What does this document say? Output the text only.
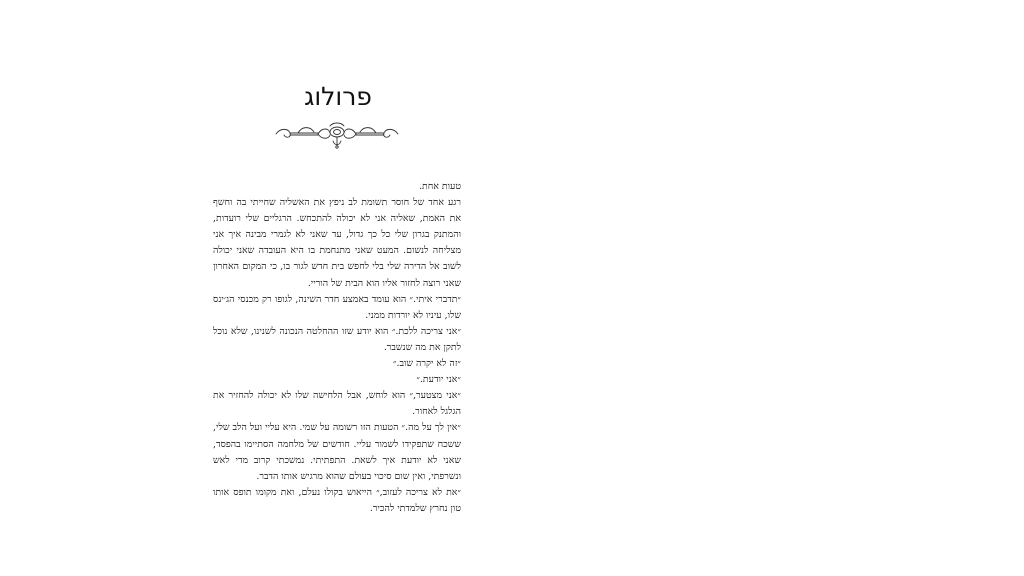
פרולוג

טעות אחת.

רגע אחד של חוסר תשומת לב ניפץ את האשליה שחייתי בה וחשף את האמת, שאליה אני לא יכולה להתכחש. הרגליים שלי רועדות, והמתנק בגרון שלי כל כך גדול, עד שאני לא לגמרי מבינה איך אני מצליחה לנשום. המעט שאני מתנחמת בו היא העובדה שאני יכולה לשוב אל הדירה שלי בלי לחפש בית חדש לגור בו, כי המקום האחרון שאני רוצה לחזור אליו הוא הבית של הוריי.

״תדברי איתי.״ הוא עומד באמצע חדר השינה, לגופו רק מכנסי הג׳ינס שלו, עיניו לא יורדות ממני.

״אני צריכה ללכת.״ הוא יודע שזו ההחלטה הנכונה לשנינו, שלא נוכל לתקן את מה שנשבר.

״זה לא יקרה שוב.״

״אני יודעת.״

״אני מצטער,״ הוא לוחש, אבל הלחישה שלו לא יכולה להחזיר את הגלגל לאחור.

״אין לך על מה.״ הטעות הזו רשומה על שמי. היא עליי ועל הלב שלי, ששכח שתפקידו לשמור עליי. חודשים של מלחמה הסתיימו בהפסד, שאני לא יודעת איך לשאת. התפתיתי. נמשכתי קרוב מדי לאש ונשרפתי, ואין שום סיכוי בעולם שהוא מרגיש אותו הדבר.

״את לא צריכה לעזוב,״ הייאוש בקולו נעלם, ואת מקומו תופס אותו טון נחרץ שלמדתי להכיר.
